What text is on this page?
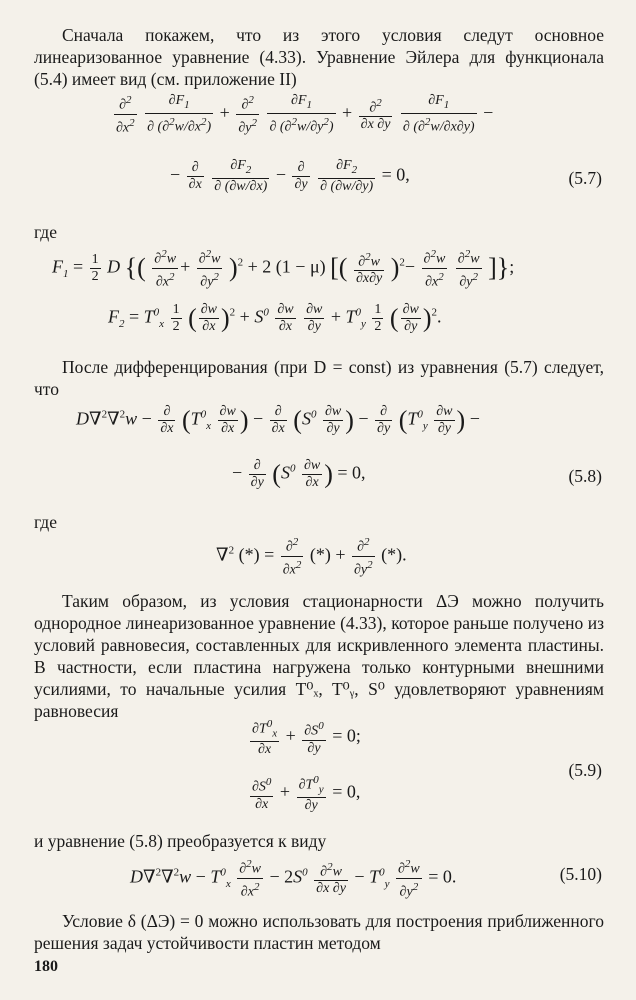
Сначала покажем, что из этого условия следут основное линеаризованное уравнение (4.33). Уравнение Эйлера для функционала (5.4) имеет вид (см. приложение II)
$\frac{\partial^2}{\partial x^2}$
$\frac{\partial F_1}{\partial (\partial^2w/\partial x^2)} + \frac{\partial^2}{\partial y^2}$
$\frac{\partial F_1}{\partial (\partial^2w/\partial y^2)} + \frac{\partial^2}{\partial x \partial y}$
$\frac{\partial F_1}{\partial (\partial^2w/\partial x\partial y)}$ −
− $\frac{\partial}{\partial x}$
$\frac{\partial F_2}{\partial (\partial w/\partial x)} - \frac{\partial}{\partial y}$
$\frac{\partial F_2}{\partial (\partial w/\partial y)} = 0$,	(5.7)
где
$F_1 = \frac{1}{2}$ D {( $\frac{\partial^2w}{\partial x^2} + \frac{\partial^2w}{\partial y^2} )^2 + 2$ (1 − μ) [( $\frac{\partial^2w}{\partial x\partial y} )^2- \frac{\partial^2w}{\partial x^2}$
$\frac{\partial^2w}{\partial y^2}$ ]};
$F_2 = T^0_x \frac{1}{2}$ ( $\frac{\partial w}{\partial x} )^2 + S^0 \frac{\partial w}{\partial x}$
$\frac{\partial w}{\partial y} + T^0_y \frac{1}{2}$ ( $\frac{\partial w}{\partial y} )^2$.
После дифференцирования (при D = const) из уравнения (5.7) следует, что
$D\nabla^2\nabla^2w - \frac{\partial}{\partial x} (T^0_x \frac{\partial w}{\partial x}$ ) − $\frac{\partial}{\partial x} (S^0 \frac{\partial w}{\partial y}$ ) − $\frac{\partial}{\partial y} (T^0_y \frac{\partial w}{\partial y}$ ) −
− $\frac{\partial}{\partial y} (S^0 \frac{\partial w}{\partial x}$ ) = 0,	(5.8)
где
∇$^2$ (*) = $\frac{\partial^2}{\partial x^2}$ (*) + $\frac{\partial^2}{\partial y^2}$ (*).
Таким образом, из условия стационарности ΔЭ можно получить однородное линеаризованное уравнение (4.33), которое раньше получено из условий равновесия, составленных для искривленного элемента пластины. В частности, если пластина нагружена только контурными внешними усилиями, то начальные усилия T⁰ₓ, T⁰ᵧ, S⁰ удовлетворяют уравнениям равновесия
$\frac{\partial T^0_x}{\partial x} + \frac{\partial S^0}{\partial y} = 0$;
$\frac{\partial S^0}{\partial x} + \frac{\partial T^0_y}{\partial y} = 0$,
(5.9)
и уравнение (5.8) преобразуется к виду
$D\nabla^2\nabla^2w - T^0_x \frac{\partial^2w}{\partial x^2} - 2S^0 \frac{\partial^2w}{\partial x \partial y} - T^0_y \frac{\partial^2w}{\partial y^2} = 0$.	(5.10)
Условие δ (ΔЭ) = 0 можно использовать для построения приближенного решения задач устойчивости пластин методом
180
